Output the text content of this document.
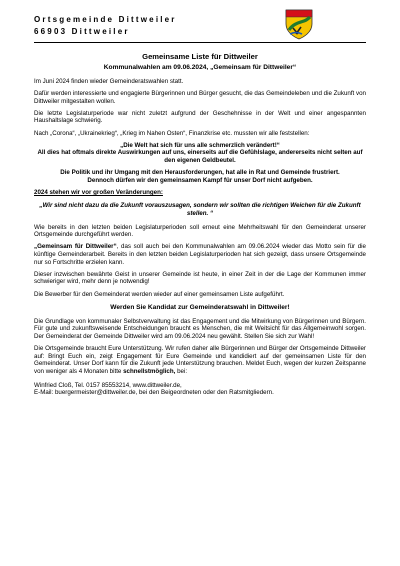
Ortsgemeinde Dittweiler
66903 Dittweiler

Gemeinsame Liste für Dittweiler

Kommunalwahlen am 09.06.2024, „Gemeinsam für Dittweiler“

Im Juni 2024 finden wieder Gemeinderatswahlen statt.

Dafür werden interessierte und engagierte Bürgerinnen und Bürger gesucht, die das Gemeindeleben und die Zukunft von Dittweiler mitgestalten wollen.

Die letzte Legislaturperiode war nicht zuletzt aufgrund der Geschehnisse in der Welt und einer angespannten Haushaltslage schwierig.

Nach „Corona“, „Ukrainekrieg“, „Krieg im Nahen Osten“, Finanzkrise etc. mussten wir alle feststellen:

„Die Welt hat sich für uns alle schmerzlich verändert!“

All dies hat oftmals direkte Auswirkungen auf uns, einerseits auf die Gefühlslage, andererseits nicht selten auf den eigenen Geldbeutel.

Die Politik und ihr Umgang mit den Herausforderungen, hat alle in Rat und Gemeinde frustriert.

Dennoch dürfen wir den gemeinsamen Kampf für unser Dorf nicht aufgeben.

2024 stehen wir vor großen Veränderungen:

„Wir sind nicht dazu da die Zukunft vorauszusagen, sondern wir sollten die richtigen Weichen für die Zukunft stellen. “

Wie bereits in den letzten beiden Legislaturperioden soll erneut eine Mehrheitswahl für den Gemeinderat unserer Ortsgemeinde durchgeführt werden.

„Gemeinsam für Dittweiler“, das soll auch bei den Kommunalwahlen am 09.06.2024 wieder das Motto sein für die künftige Gemeinderarbeit. Bereits in den letzten beiden Legislaturperioden hat sich gezeigt, dass unsere Ortsgemeinde nur so Fortschritte erzielen kann.

Dieser inzwischen bewährte Geist in unserer Gemeinde ist heute, in einer Zeit in der die Lage der Kommunen immer schwieriger wird, mehr denn je notwendig!

Die Bewerber für den Gemeinderat werden wieder auf einer gemeinsamen Liste aufgeführt.

Werden Sie Kandidat zur Gemeinderatswahl in Dittweiler!

Die Grundlage von kommunaler Selbstverwaltung ist das Engagement und die Mitwirkung von Bürgerinnen und Bürgern. Für gute und zukunftsweisende Entscheidungen braucht es Menschen, die mit Weitsicht für das Allgemeinwohl sorgen. Der Gemeinderat der Gemeinde Dittweiler wird am 09.06.2024 neu gewählt. Stellen Sie sich zur Wahl!

Die Ortsgemeinde braucht Eure Unterstützung. Wir rufen daher alle Bürgerinnen und Bürger der Ortsgemeinde Dittweiler auf: Bringt Euch ein, zeigt Engagement für Eure Gemeinde und kandidiert auf der gemeinsamen Liste für den Gemeinderat. Unser Dorf kann für die Zukunft jede Unterstützung brauchen. Meldet Euch, wegen der kurzen Zeitspanne von weniger als 4 Monaten bitte schnellstmöglich, bei:

Winfried Cloß, Tel. 0157 85553214, www.dittweiler.de,

E-Mail: buergermeister@dittweiler.de, bei den Beigeordneten oder den Ratsmitgliedern.
